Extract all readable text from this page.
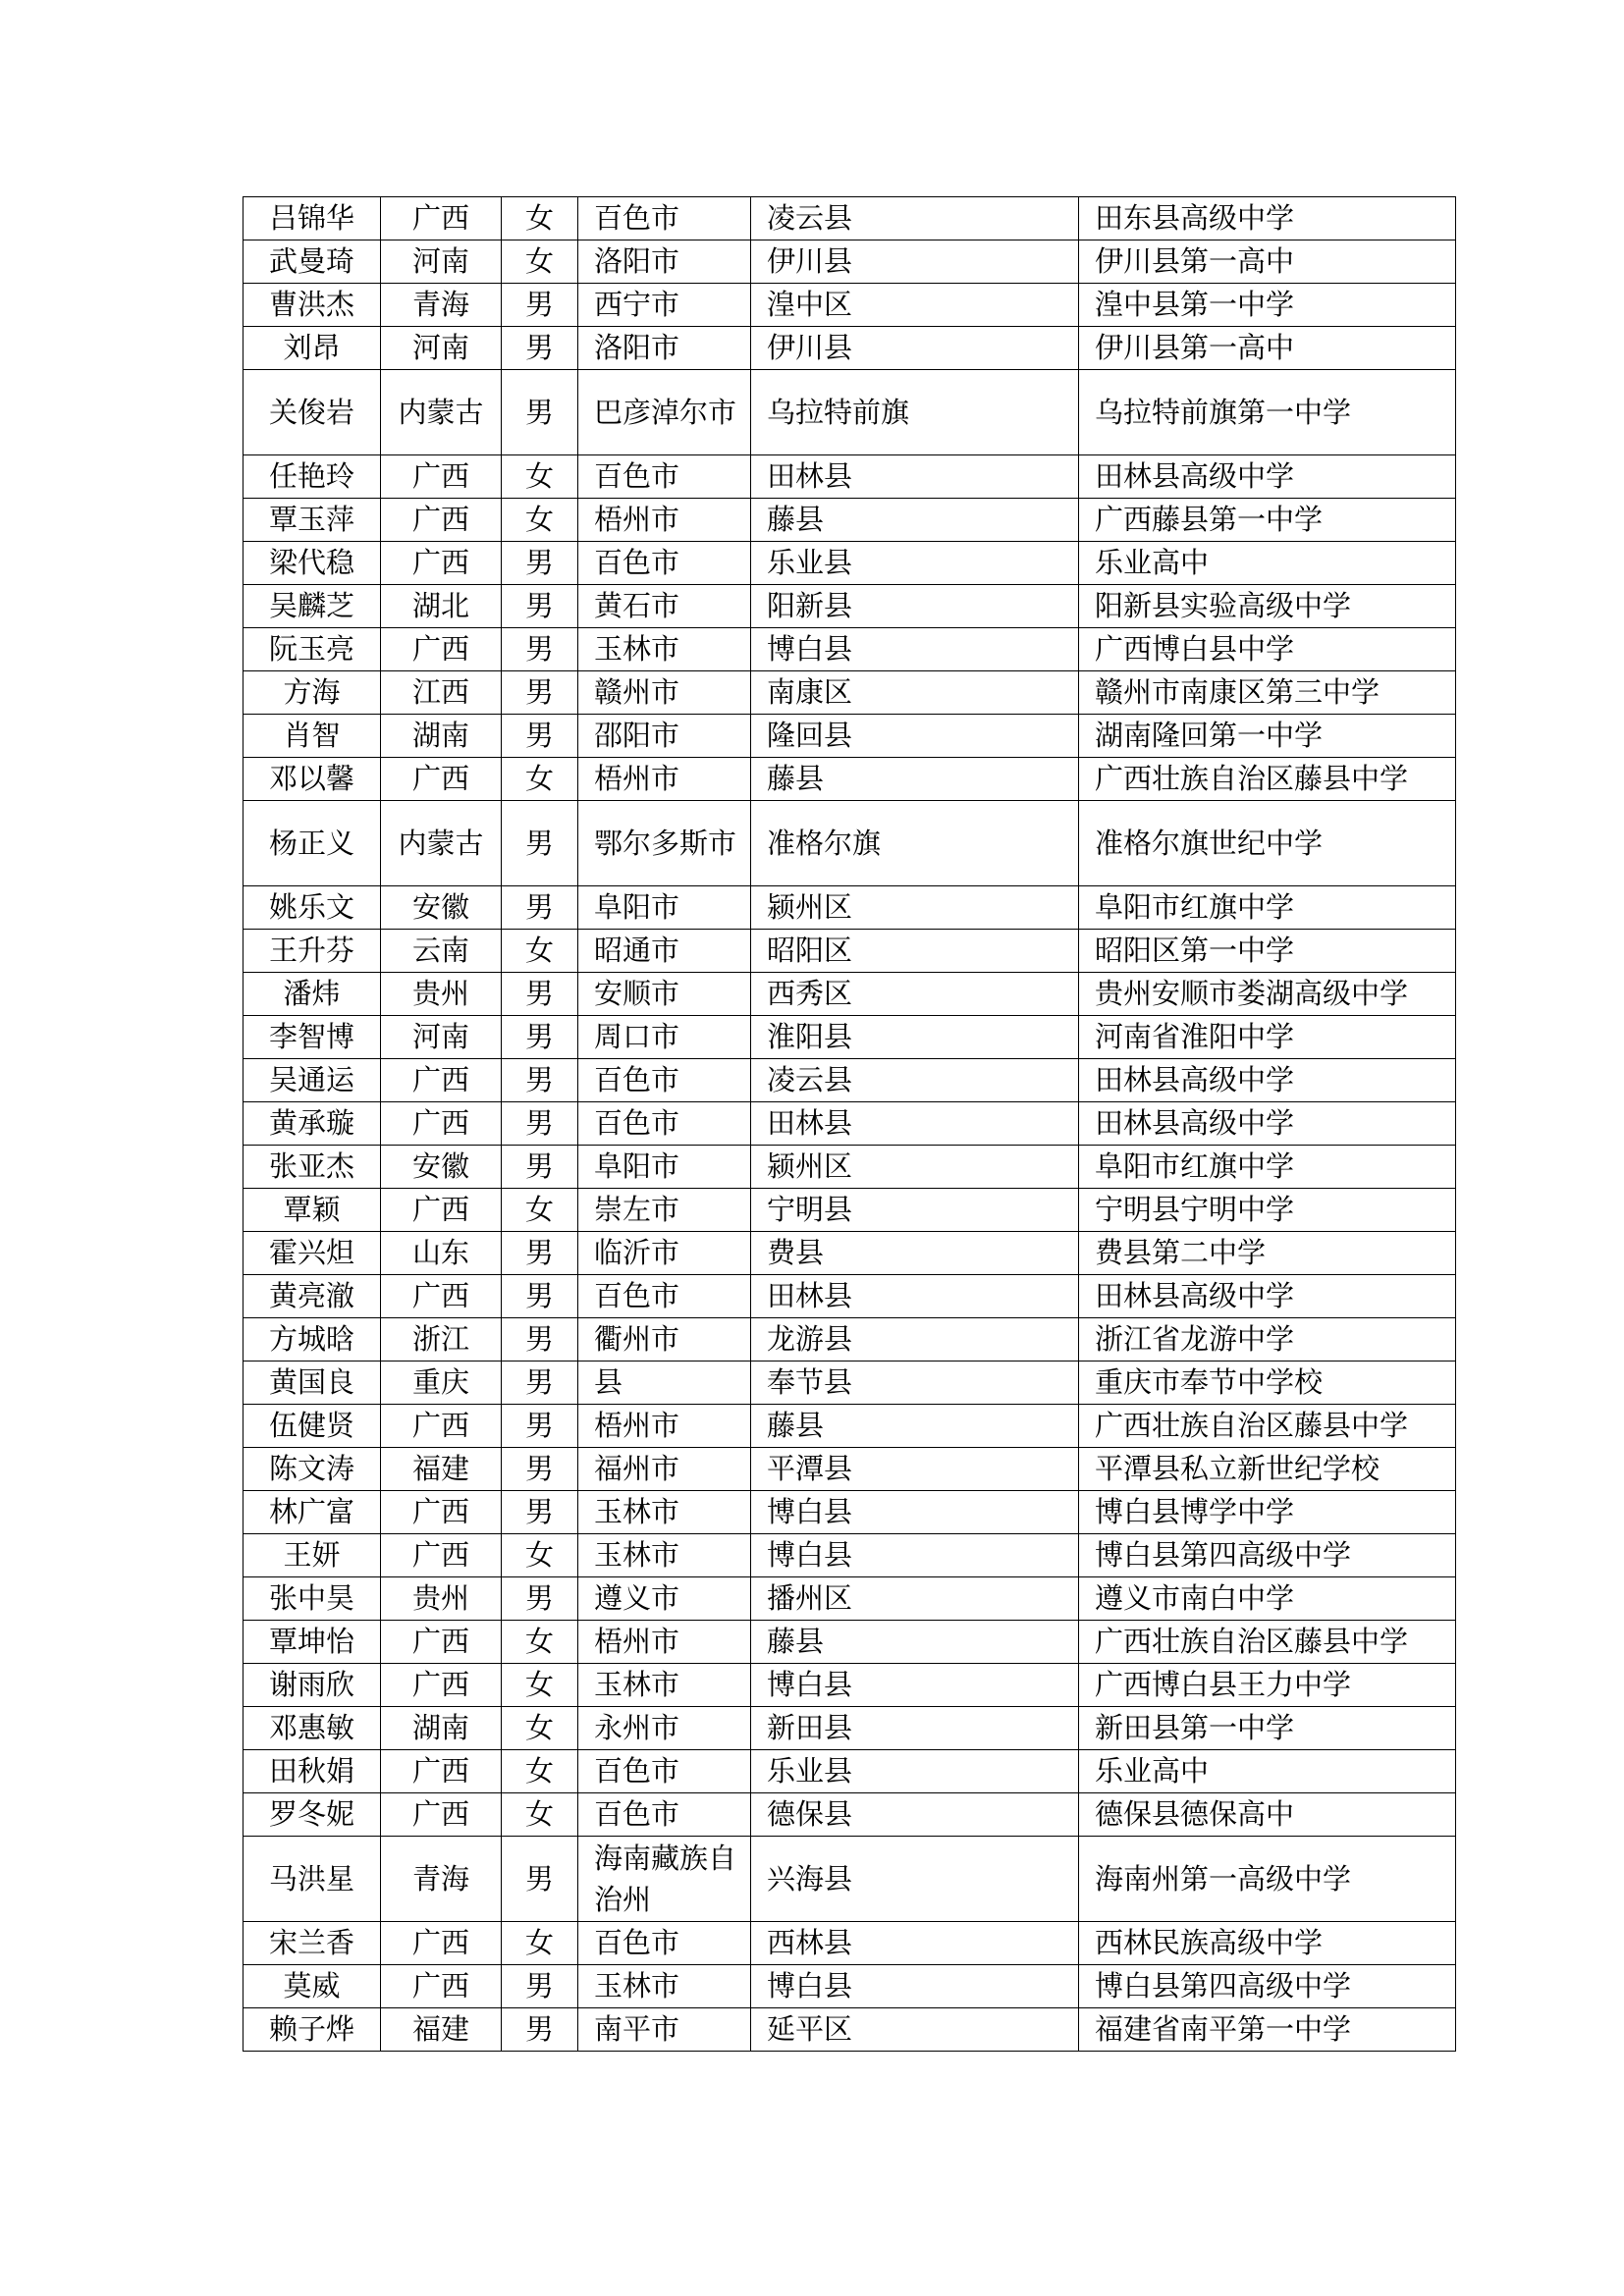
吕锦华	广西	女	百色市	凌云县	田东县高级中学
武曼琦	河南	女	洛阳市	伊川县	伊川县第一高中
曹洪杰	青海	男	西宁市	湟中区	湟中县第一中学
刘昂	河南	男	洛阳市	伊川县	伊川县第一高中
关俊岩	内蒙古	男	巴彦淖尔市	乌拉特前旗	乌拉特前旗第一中学
任艳玲	广西	女	百色市	田林县	田林县高级中学
覃玉萍	广西	女	梧州市	藤县	广西藤县第一中学
梁代稳	广西	男	百色市	乐业县	乐业高中
吴麟芝	湖北	男	黄石市	阳新县	阳新县实验高级中学
阮玉亮	广西	男	玉林市	博白县	广西博白县中学
方海	江西	男	赣州市	南康区	赣州市南康区第三中学
肖智	湖南	男	邵阳市	隆回县	湖南隆回第一中学
邓以馨	广西	女	梧州市	藤县	广西壮族自治区藤县中学
杨正义	内蒙古	男	鄂尔多斯市	准格尔旗	准格尔旗世纪中学
姚乐文	安徽	男	阜阳市	颍州区	阜阳市红旗中学
王升芬	云南	女	昭通市	昭阳区	昭阳区第一中学
潘炜	贵州	男	安顺市	西秀区	贵州安顺市娄湖高级中学
李智博	河南	男	周口市	淮阳县	河南省淮阳中学
吴通运	广西	男	百色市	凌云县	田林县高级中学
黄承璇	广西	男	百色市	田林县	田林县高级中学
张亚杰	安徽	男	阜阳市	颍州区	阜阳市红旗中学
覃颖	广西	女	崇左市	宁明县	宁明县宁明中学
霍兴炟	山东	男	临沂市	费县	费县第二中学
黄亮澈	广西	男	百色市	田林县	田林县高级中学
方城晗	浙江	男	衢州市	龙游县	浙江省龙游中学
黄国良	重庆	男	县	奉节县	重庆市奉节中学校
伍健贤	广西	男	梧州市	藤县	广西壮族自治区藤县中学
陈文涛	福建	男	福州市	平潭县	平潭县私立新世纪学校
林广富	广西	男	玉林市	博白县	博白县博学中学
王妍	广西	女	玉林市	博白县	博白县第四高级中学
张中昊	贵州	男	遵义市	播州区	遵义市南白中学
覃坤怡	广西	女	梧州市	藤县	广西壮族自治区藤县中学
谢雨欣	广西	女	玉林市	博白县	广西博白县王力中学
邓惠敏	湖南	女	永州市	新田县	新田县第一中学
田秋娟	广西	女	百色市	乐业县	乐业高中
罗冬妮	广西	女	百色市	德保县	德保县德保高中
马洪星	青海	男	海南藏族自治州	兴海县	海南州第一高级中学
宋兰香	广西	女	百色市	西林县	西林民族高级中学
莫威	广西	男	玉林市	博白县	博白县第四高级中学
赖子烨	福建	男	南平市	延平区	福建省南平第一中学
